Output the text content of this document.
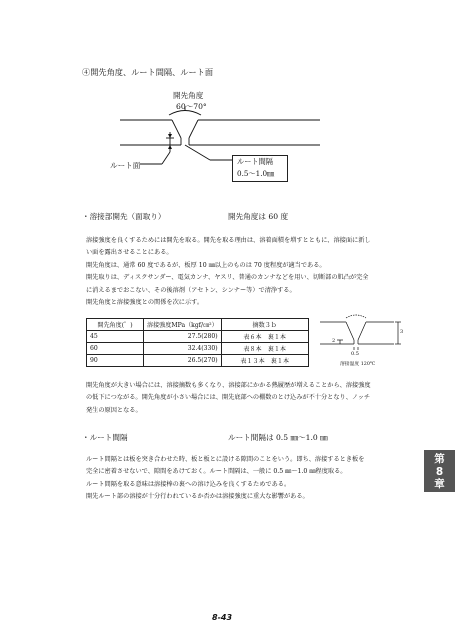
④開先角度、ルート間隔、ルート面
開先角度
60～70°
ルート面	ルート間隔
0.5～1.0㎜
・溶接部開先（面取り）	開先角度は 60 度

溶接強度を良くするためには開先を取る。開先を取る理由は、溶着面積を増すとともに、溶接面に新し

い面を露出させることにある。

開先角度は、通常 60 度であるが、板厚 10 ㎜以上のものは 70 度程度が適当である。

開先取りは、ディスクサンダー、電気カンナ、ヤスリ、普通のカンナなどを用い、切断部の肌凸が完全

に消えるまでおこない、その後溶剤（アセトン、シンナー等）で清浄する。

開先角度と溶接強度との関係を次に示す。

開先角度(゜)	溶接強度MPa（kgf/㎝²）	摘数３ｂ
45	27.5(280)	表６本　裏１本
60	32.4(330)	表８本　裏１本
90	26.5(270)	表１３本　裏１本
2
0.5
3
溶接温度 120℃

開先角度が大きい場合には、溶接摘数も多くなり、溶接部にかかる熱履歴が増えることから、溶接強度

の低下につながる。開先角度が小さい場合には、開先底部への棚数のとけ込みが不十分となり、ノッチ

発生の原因となる。

・ルート間隔	ルート間隔は 0.5 ㎜～1.0 ㎜

ルート間隔とは板を突き合わせた時、板と板とに設ける隙間のことをいう。即ち、溶接するとき板を

完全に密着させないで、隙間をあけておく。ルート間隔は、一般に 0.5 ㎜～1.0 ㎜程度取る。

ルート間隔を取る意味は溶接棒の裏への溶け込みを良くするためである。

開先ルート部の溶接が十分行われているか否かは溶接強度に重大な影響がある。

第
8
章
8-43
